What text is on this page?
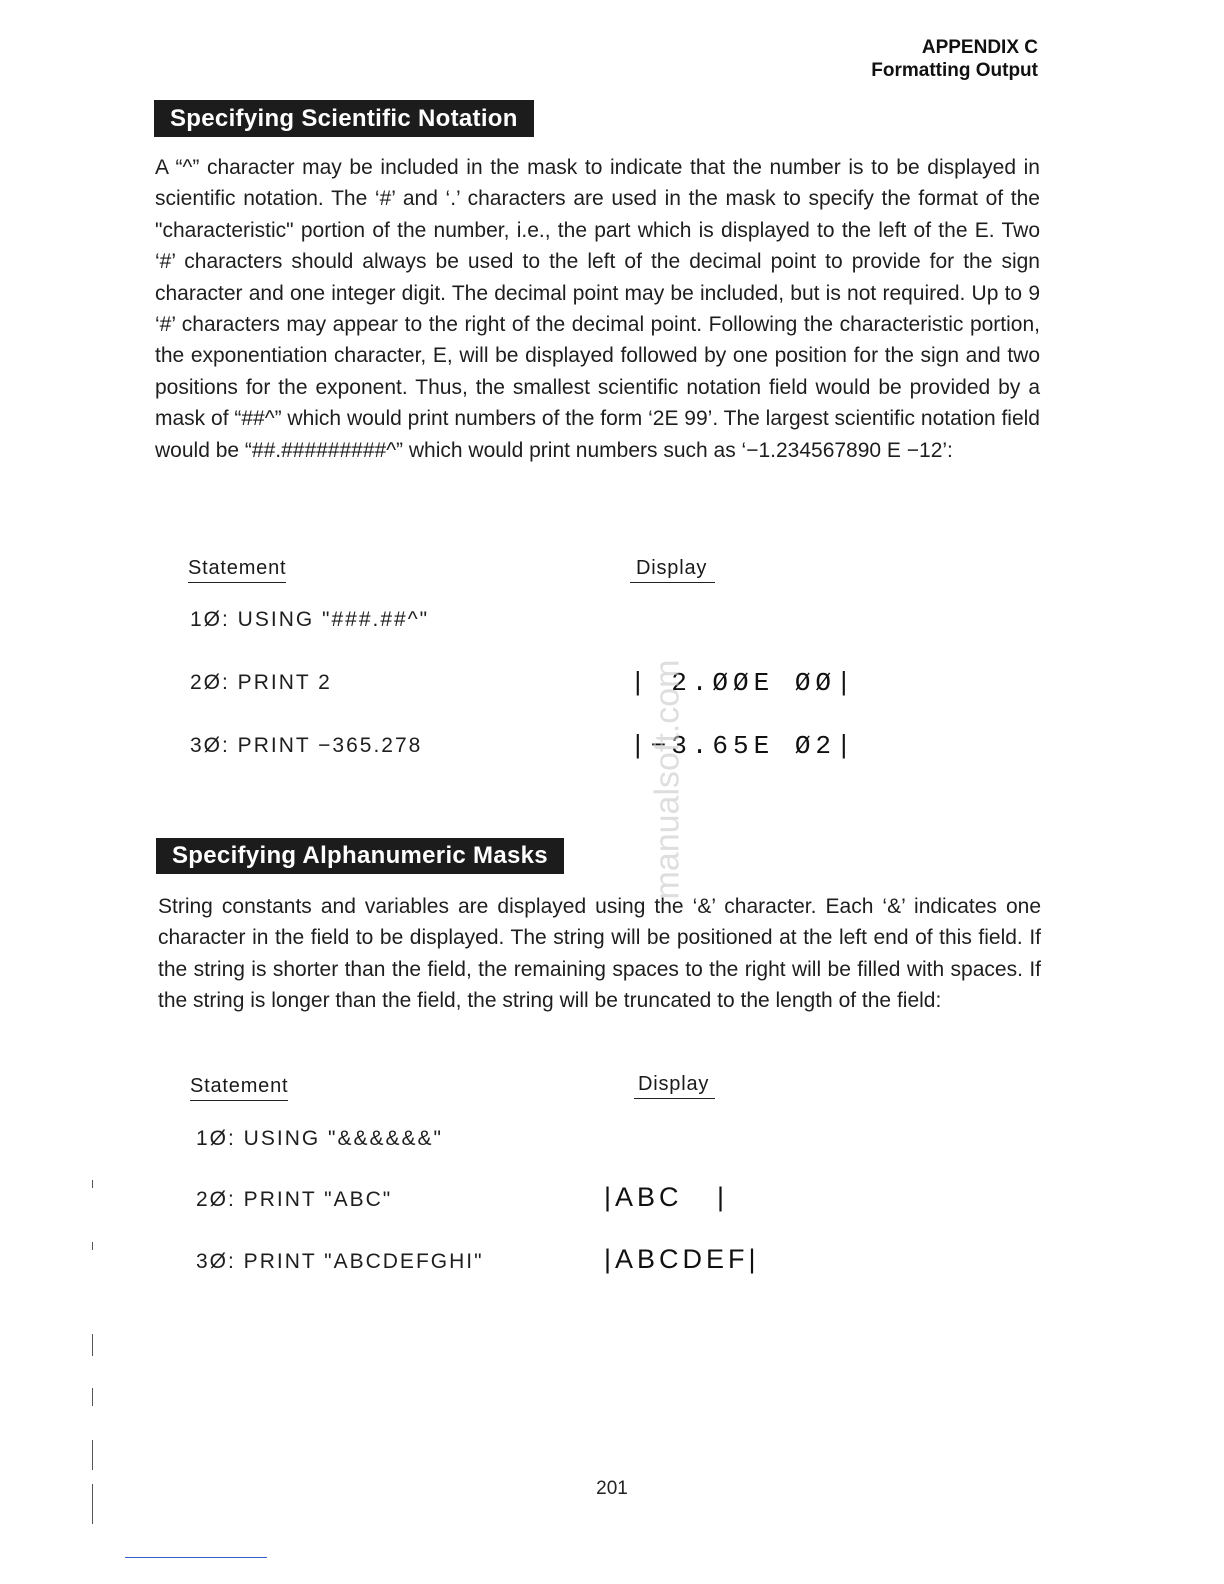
APPENDIX C
Formatting Output
Specifying Scientific Notation
A “^” character may be included in the mask to indicate that the number is to be displayed in scientific notation. The ‘#’ and ‘.’ characters are used in the mask to specify the format of the "characteristic" portion of the number, i.e., the part which is displayed to the left of the E. Two ‘#’ characters should always be used to the left of the decimal point to provide for the sign character and one integer digit. The decimal point may be included, but is not required. Up to 9 ‘#’ characters may appear to the right of the decimal point. Following the characteristic portion, the exponentiation character, E, will be displayed followed by one position for the sign and two positions for the exponent. Thus, the smallest scientific notation field would be provided by a mask of “##^” which would print numbers of the form ‘2E 99’. The largest scientific notation field would be “##.#########^” which would print numbers such as ‘−1.234567890 E −12’:
Statement	Display
1Ø: USING "###.##^"
2Ø: PRINT 2	| 2.ØØE ØØ|
3Ø: PRINT −365.278	|−3.65E Ø2|
manualsoft.com
Specifying Alphanumeric Masks
String constants and variables are displayed using the ‘&’ character. Each ‘&’ indicates one character in the field to be displayed. The string will be positioned at the left end of this field. If the string is shorter than the field, the remaining spaces to the right will be filled with spaces. If the string is longer than the field, the string will be truncated to the length of the field:
Statement	Display
1Ø: USING "&&&&&&"
2Ø: PRINT "ABC"	|ABC   |
3Ø: PRINT "ABCDEFGHI"	|ABCDEF|
201
